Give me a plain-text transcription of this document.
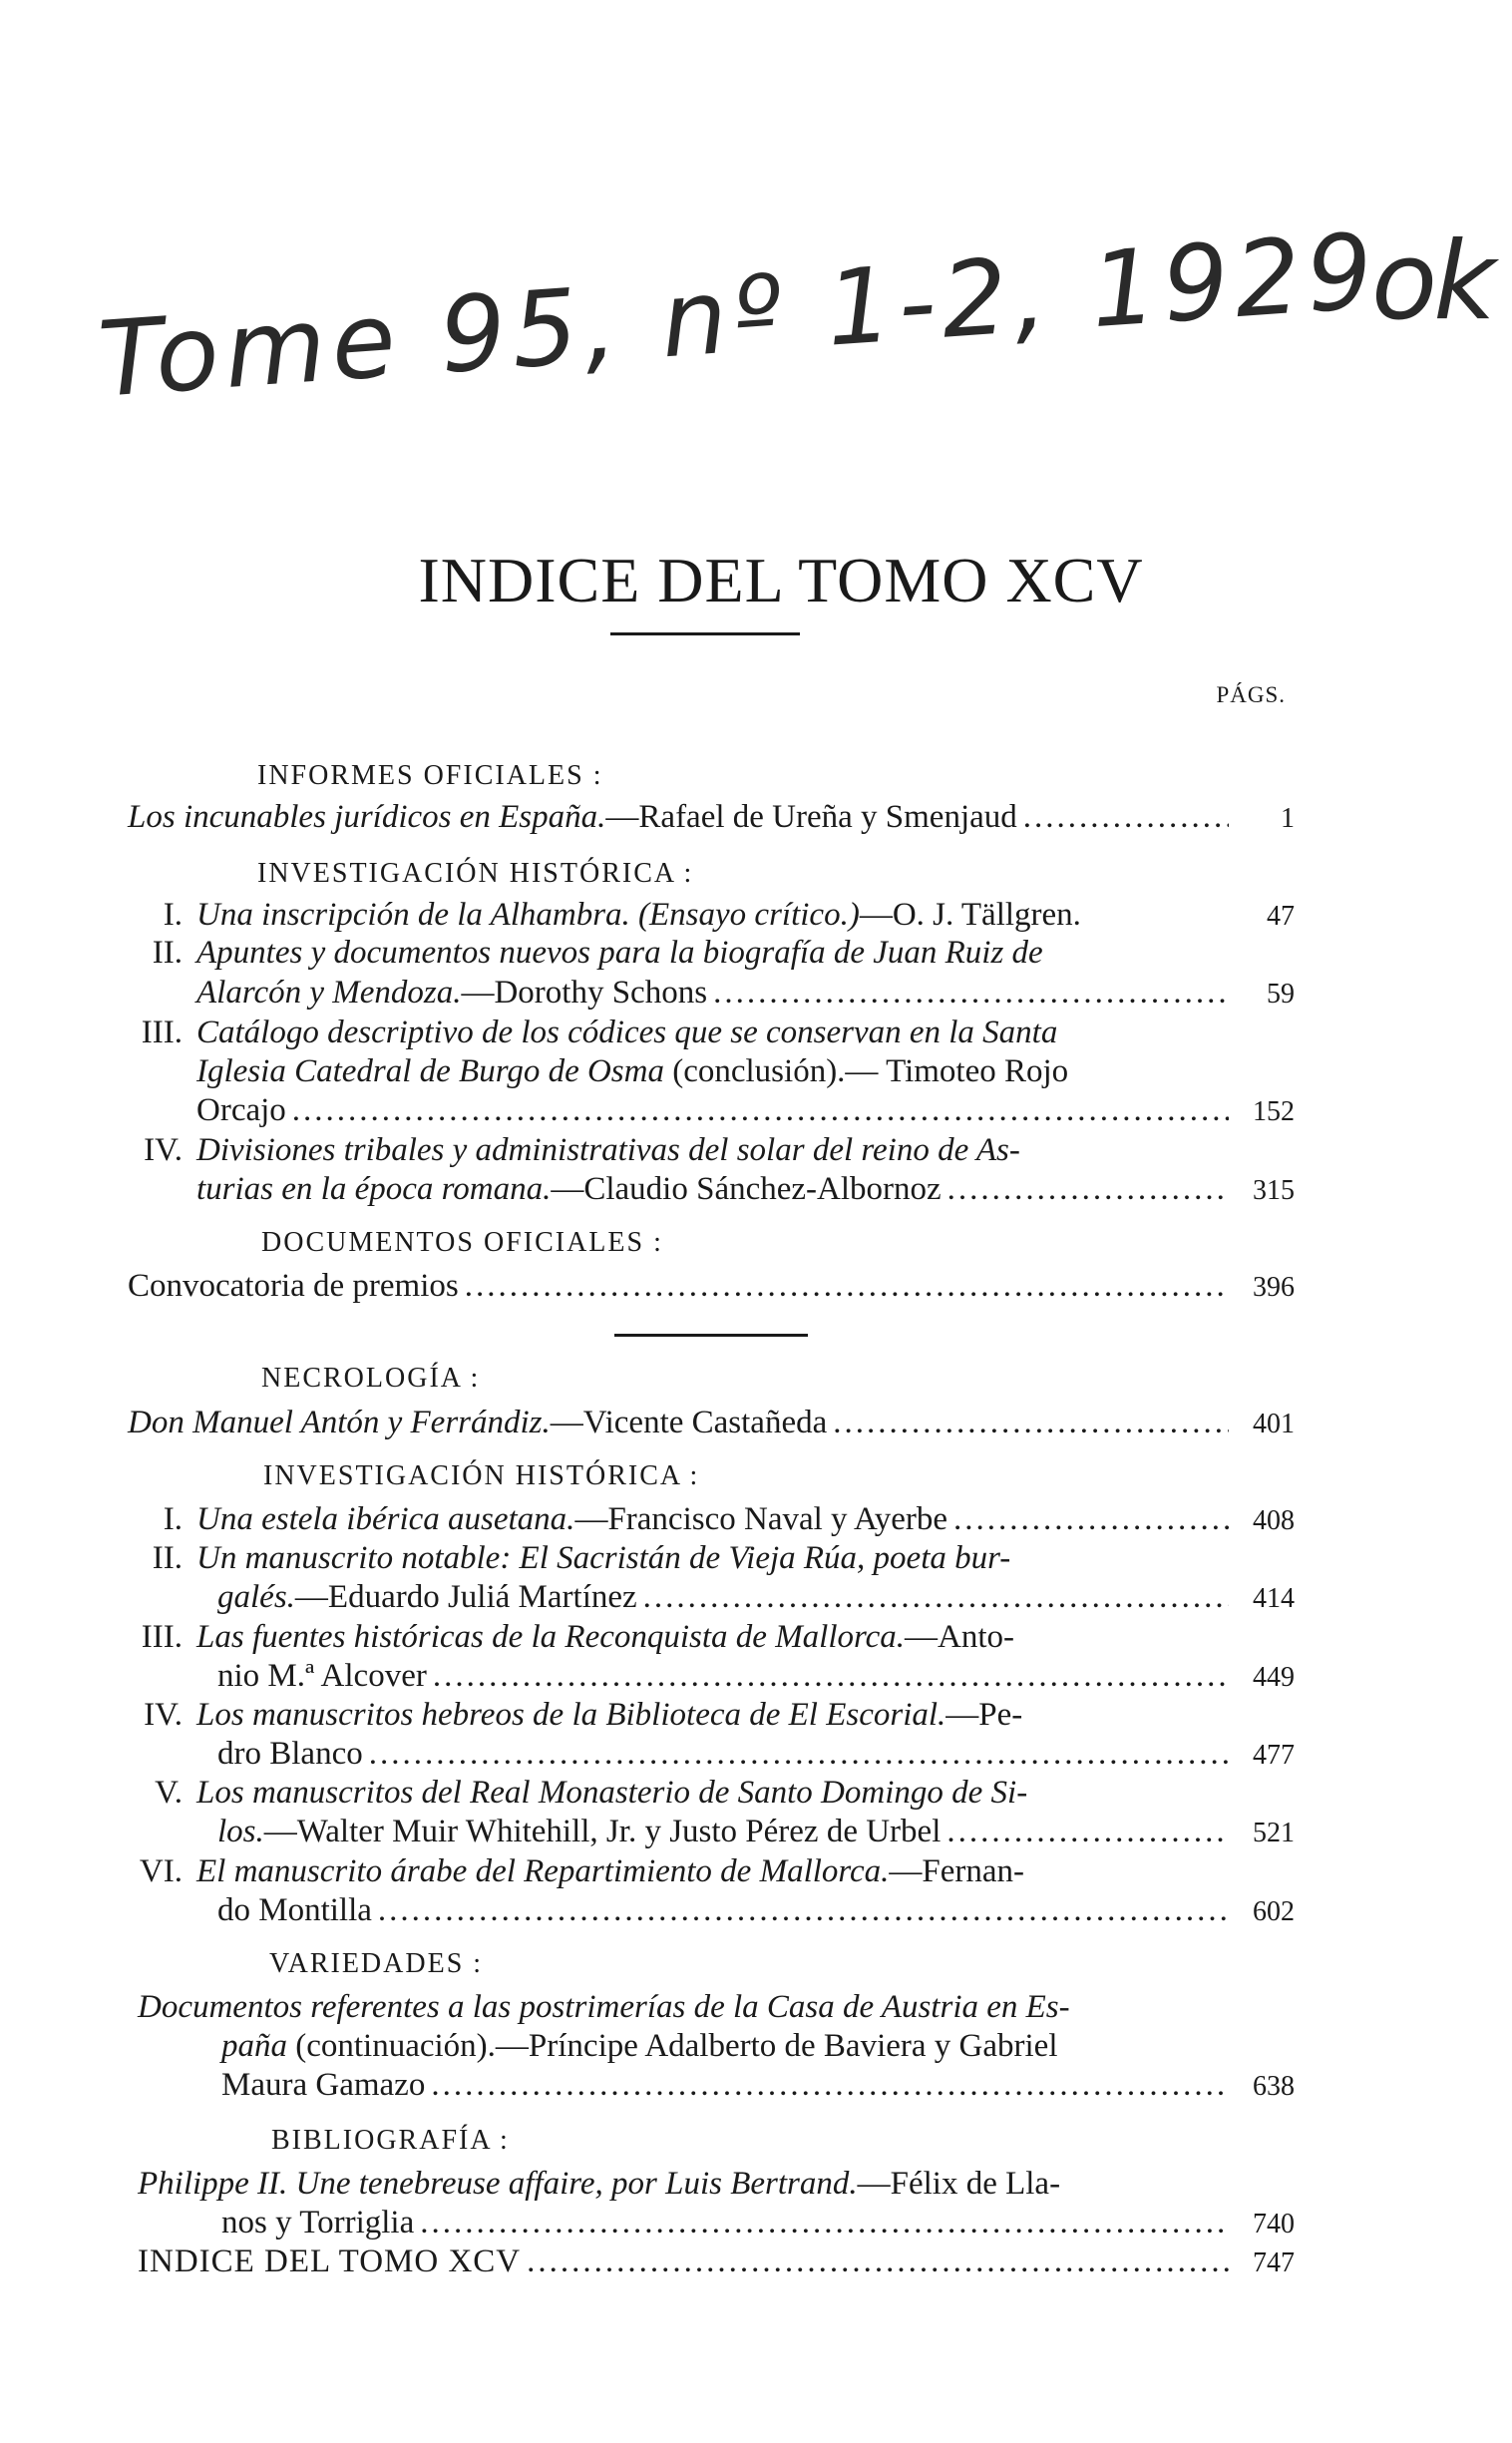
Tome 95, nº 1-2, 1929
ok
INDICE DEL TOMO XCV
PÁGS.
INFORMES OFICIALES :
Los incunables jurídicos en España.—Rafael de Ureña y Smenjaud .....	1
INVESTIGACIÓN HISTÓRICA :
I. Una inscripción de la Alhambra. (Ensayo crítico.)—O. J. Tällgren.	47
II. Apuntes y documentos nuevos para la biografía de Juan Ruiz de
Alarcón y Mendoza.—Dorothy Schons .....	59
III. Catálogo descriptivo de los códices que se conservan en la Santa
Iglesia Catedral de Burgo de Osma (conclusión).— Timoteo Rojo
Orcajo .....	152
IV. Divisiones tribales y administrativas del solar del reino de As-
turias en la época romana.—Claudio Sánchez-Albornoz .....	315
DOCUMENTOS OFICIALES :
Convocatoria de premios .....	396
NECROLOGÍA :
Don Manuel Antón y Ferrándiz.—Vicente Castañeda .....	401
INVESTIGACIÓN HISTÓRICA :
I. Una estela ibérica ausetana.—Francisco Naval y Ayerbe .....	408
II. Un manuscrito notable: El Sacristán de Vieja Rúa, poeta bur-
galés.—Eduardo Juliá Martínez .....	414
III. Las fuentes históricas de la Reconquista de Mallorca.—Anto-
nio M.ª Alcover .....	449
IV. Los manuscritos hebreos de la Biblioteca de El Escorial.—Pe-
dro Blanco .....	477
V. Los manuscritos del Real Monasterio de Santo Domingo de Si-
los.—Walter Muir Whitehill, Jr. y Justo Pérez de Urbel .....	521
VI. El manuscrito árabe del Repartimiento de Mallorca.—Fernan-
do Montilla .....	602
VARIEDADES :
Documentos referentes a las postrimerías de la Casa de Austria en Es-
paña (continuación).—Príncipe Adalberto de Baviera y Gabriel
Maura Gamazo .....	638
BIBLIOGRAFÍA :
Philippe II. Une tenebreuse affaire, por Luis Bertrand.—Félix de Lla-
nos y Torriglia .....	740
INDICE DEL TOMO XCV .....	747
